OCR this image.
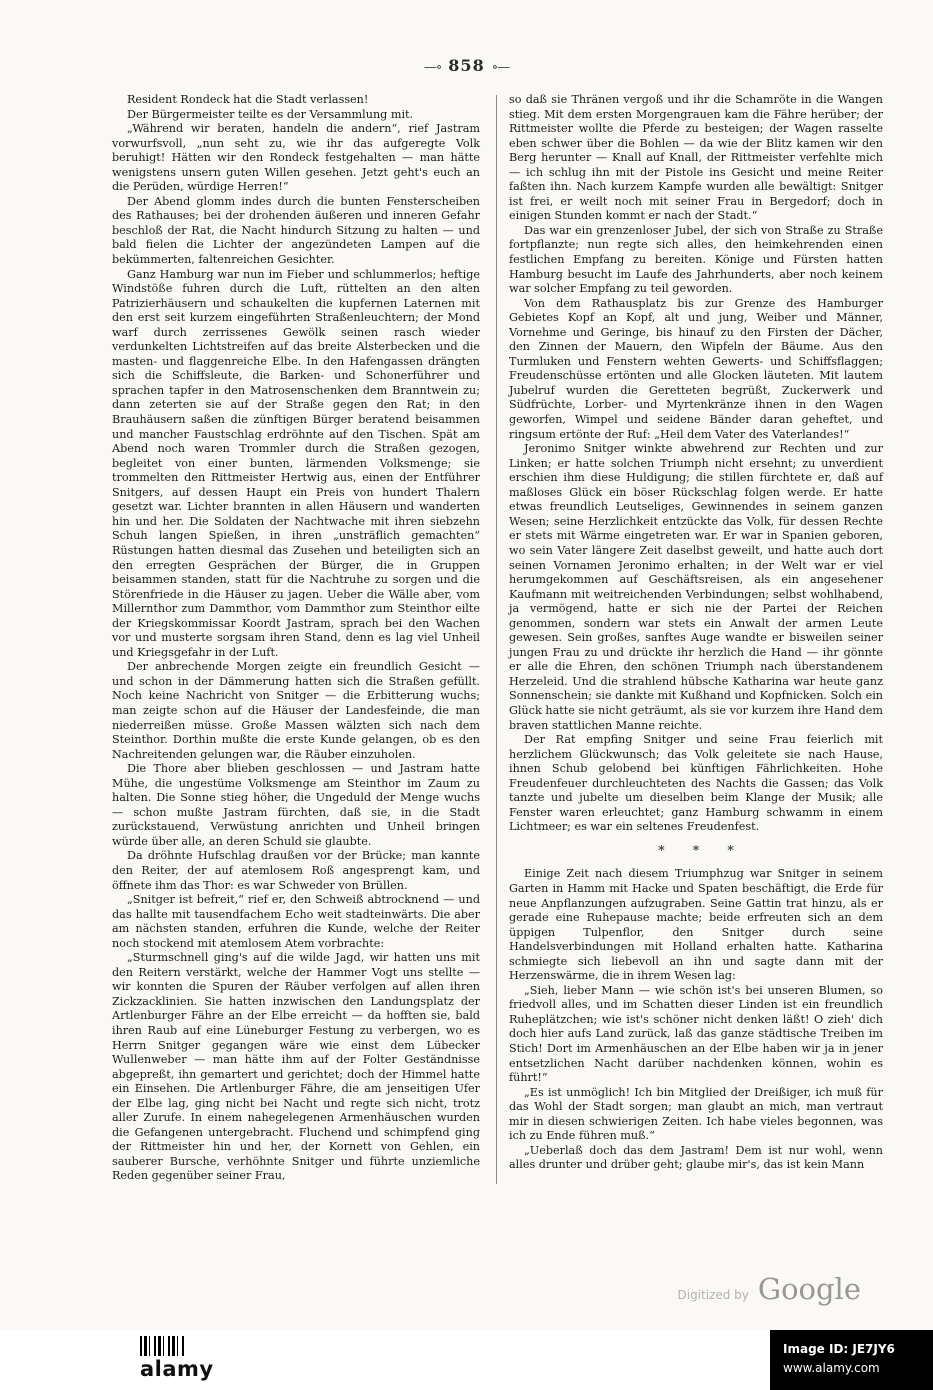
—∘ 858 ∘—

Resident Rondeck hat die Stadt verlassen!

Der Bürgermeister teilte es der Versammlung mit.

„Während wir beraten, handeln die andern“, rief Jastram vorwurfsvoll, „nun seht zu, wie ihr das aufgeregte Volk beruhigt! Hätten wir den Rondeck festgehalten — man hätte wenigstens unsern guten Willen gesehen. Jetzt geht's euch an die Perüden, würdige Herren!“

Der Abend glomm indes durch die bunten Fensterscheiben des Rathauses; bei der drohenden äußeren und inneren Gefahr beschloß der Rat, die Nacht hindurch Sitzung zu halten — und bald fielen die Lichter der angezündeten Lampen auf die bekümmerten, faltenreichen Gesichter.

Ganz Hamburg war nun im Fieber und schlummerlos; heftige Windstöße fuhren durch die Luft, rüttelten an den alten Patrizierhäusern und schaukelten die kupfernen Laternen mit den erst seit kurzem eingeführten Straßenleuchtern; der Mond warf durch zerrissenes Gewölk seinen rasch wieder verdunkelten Lichtstreifen auf das breite Alsterbecken und die masten- und flaggenreiche Elbe. In den Hafengassen drängten sich die Schiffsleute, die Barken- und Schonerführer und sprachen tapfer in den Matrosenschenken dem Branntwein zu; dann zeterten sie auf der Straße gegen den Rat; in den Brauhäusern saßen die zünftigen Bürger beratend beisammen und mancher Faustschlag erdröhnte auf den Tischen. Spät am Abend noch waren Trommler durch die Straßen gezogen, begleitet von einer bunten, lärmenden Volksmenge; sie trommelten den Rittmeister Hertwig aus, einen der Entführer Snitgers, auf dessen Haupt ein Preis von hundert Thalern gesetzt war. Lichter brannten in allen Häusern und wanderten hin und her. Die Soldaten der Nachtwache mit ihren siebzehn Schuh langen Spießen, in ihren „unsträflich gemachten“ Rüstungen hatten diesmal das Zusehen und beteiligten sich an den erregten Gesprächen der Bürger, die in Gruppen beisammen standen, statt für die Nachtruhe zu sorgen und die Störenfriede in die Häuser zu jagen. Ueber die Wälle aber, vom Millernthor zum Dammthor, vom Dammthor zum Steinthor eilte der Kriegskommissar Koordt Jastram, sprach bei den Wachen vor und musterte sorgsam ihren Stand, denn es lag viel Unheil und Kriegsgefahr in der Luft.

Der anbrechende Morgen zeigte ein freundlich Gesicht — und schon in der Dämmerung hatten sich die Straßen gefüllt. Noch keine Nachricht von Snitger — die Erbitterung wuchs; man zeigte schon auf die Häuser der Landesfeinde, die man niederreißen müsse. Große Massen wälzten sich nach dem Steinthor. Dorthin mußte die erste Kunde gelangen, ob es den Nachreitenden gelungen war, die Räuber einzuholen.

Die Thore aber blieben geschlossen — und Jastram hatte Mühe, die ungestüme Volksmenge am Steinthor im Zaum zu halten. Die Sonne stieg höher, die Ungeduld der Menge wuchs — schon mußte Jastram fürchten, daß sie, in die Stadt zurückstauend, Verwüstung anrichten und Unheil bringen würde über alle, an deren Schuld sie glaubte.

Da dröhnte Hufschlag draußen vor der Brücke; man kannte den Reiter, der auf atemlosem Roß angesprengt kam, und öffnete ihm das Thor: es war Schweder von Brüllen.

„Snitger ist befreit,“ rief er, den Schweiß abtrocknend — und das hallte mit tausendfachem Echo weit stadteinwärts. Die aber am nächsten standen, erfuhren die Kunde, welche der Reiter noch stockend mit atemlosem Atem vorbrachte:

„Sturmschnell ging's auf die wilde Jagd, wir hatten uns mit den Reitern verstärkt, welche der Hammer Vogt uns stellte — wir konnten die Spuren der Räuber verfolgen auf allen ihren Zickzacklinien. Sie hatten inzwischen den Landungsplatz der Artlenburger Fähre an der Elbe erreicht — da hofften sie, bald ihren Raub auf eine Lüneburger Festung zu verbergen, wo es Herrn Snitger gegangen wäre wie einst dem Lübecker Wullenweber — man hätte ihm auf der Folter Geständnisse abgepreßt, ihn gemartert und gerichtet; doch der Himmel hatte ein Einsehen. Die Artlenburger Fähre, die am jenseitigen Ufer der Elbe lag, ging nicht bei Nacht und regte sich nicht, trotz aller Zurufe. In einem nahegelegenen Armenhäuschen wurden die Gefangenen untergebracht. Fluchend und schimpfend ging der Rittmeister hin und her, der Kornett von Gehlen, ein sauberer Bursche, verhöhnte Snitger und führte unziemliche Reden gegenüber seiner Frau,

so daß sie Thränen vergoß und ihr die Schamröte in die Wangen stieg. Mit dem ersten Morgengrauen kam die Fähre herüber; der Rittmeister wollte die Pferde zu besteigen; der Wagen rasselte eben schwer über die Bohlen — da wie der Blitz kamen wir den Berg herunter — Knall auf Knall, der Rittmeister verfehlte mich — ich schlug ihn mit der Pistole ins Gesicht und meine Reiter faßten ihn. Nach kurzem Kampfe wurden alle bewältigt: Snitger ist frei, er weilt noch mit seiner Frau in Bergedorf; doch in einigen Stunden kommt er nach der Stadt.“

Das war ein grenzenloser Jubel, der sich von Straße zu Straße fortpflanzte; nun regte sich alles, den heimkehrenden einen festlichen Empfang zu bereiten. Könige und Fürsten hatten Hamburg besucht im Laufe des Jahrhunderts, aber noch keinem war solcher Empfang zu teil geworden.

Von dem Rathausplatz bis zur Grenze des Hamburger Gebietes Kopf an Kopf, alt und jung, Weiber und Männer, Vornehme und Geringe, bis hinauf zu den Firsten der Dächer, den Zinnen der Mauern, den Wipfeln der Bäume. Aus den Turmluken und Fenstern wehten Gewerts- und Schiffsflaggen; Freudenschüsse ertönten und alle Glocken läuteten. Mit lautem Jubelruf wurden die Geretteten begrüßt, Zuckerwerk und Südfrüchte, Lorber- und Myrtenkränze ihnen in den Wagen geworfen, Wimpel und seidene Bänder daran geheftet, und ringsum ertönte der Ruf: „Heil dem Vater des Vaterlandes!“

Jeronimo Snitger winkte abwehrend zur Rechten und zur Linken; er hatte solchen Triumph nicht ersehnt; zu unverdient erschien ihm diese Huldigung; die stillen fürchtete er, daß auf maßloses Glück ein böser Rückschlag folgen werde. Er hatte etwas freundlich Leutseliges, Gewinnendes in seinem ganzen Wesen; seine Herzlichkeit entzückte das Volk, für dessen Rechte er stets mit Wärme eingetreten war. Er war in Spanien geboren, wo sein Vater längere Zeit daselbst geweilt, und hatte auch dort seinen Vornamen Jeronimo erhalten; in der Welt war er viel herumgekommen auf Geschäftsreisen, als ein angesehener Kaufmann mit weitreichenden Verbindungen; selbst wohlhabend, ja vermögend, hatte er sich nie der Partei der Reichen genommen, sondern war stets ein Anwalt der armen Leute gewesen. Sein großes, sanftes Auge wandte er bisweilen seiner jungen Frau zu und drückte ihr herzlich die Hand — ihr gönnte er alle die Ehren, den schönen Triumph nach überstandenem Herzeleid. Und die strahlend hübsche Katharina war heute ganz Sonnenschein; sie dankte mit Kußhand und Kopfnicken. Solch ein Glück hatte sie nicht geträumt, als sie vor kurzem ihre Hand dem braven stattlichen Manne reichte.

Der Rat empfing Snitger und seine Frau feierlich mit herzlichem Glückwunsch; das Volk geleitete sie nach Hause, ihnen Schub gelobend bei künftigen Fährlichkeiten. Hohe Freudenfeuer durchleuchteten des Nachts die Gassen; das Volk tanzte und jubelte um dieselben beim Klange der Musik; alle Fenster waren erleuchtet; ganz Hamburg schwamm in einem Lichtmeer; es war ein seltenes Freudenfest.

* * *

Einige Zeit nach diesem Triumphzug war Snitger in seinem Garten in Hamm mit Hacke und Spaten beschäftigt, die Erde für neue Anpflanzungen aufzugraben. Seine Gattin trat hinzu, als er gerade eine Ruhepause machte; beide erfreuten sich an dem üppigen Tulpenflor, den Snitger durch seine Handelsverbindungen mit Holland erhalten hatte. Katharina schmiegte sich liebevoll an ihn und sagte dann mit der Herzenswärme, die in ihrem Wesen lag:

„Sieh, lieber Mann — wie schön ist's bei unseren Blumen, so friedvoll alles, und im Schatten dieser Linden ist ein freundlich Ruheplätzchen; wie ist's schöner nicht denken läßt! O zieh' dich doch hier aufs Land zurück, laß das ganze städtische Treiben im Stich! Dort im Armenhäuschen an der Elbe haben wir ja in jener entsetzlichen Nacht darüber nachdenken können, wohin es führt!“

„Es ist unmöglich! Ich bin Mitglied der Dreißiger, ich muß für das Wohl der Stadt sorgen; man glaubt an mich, man vertraut mir in diesen schwierigen Zeiten. Ich habe vieles begonnen, was ich zu Ende führen muß.“

„Ueberlaß doch das dem Jastram! Dem ist nur wohl, wenn alles drunter und drüber geht; glaube mir's, das ist kein Mann

Digitized by Google
alamy
Image ID: JE7JY6
www.alamy.com
